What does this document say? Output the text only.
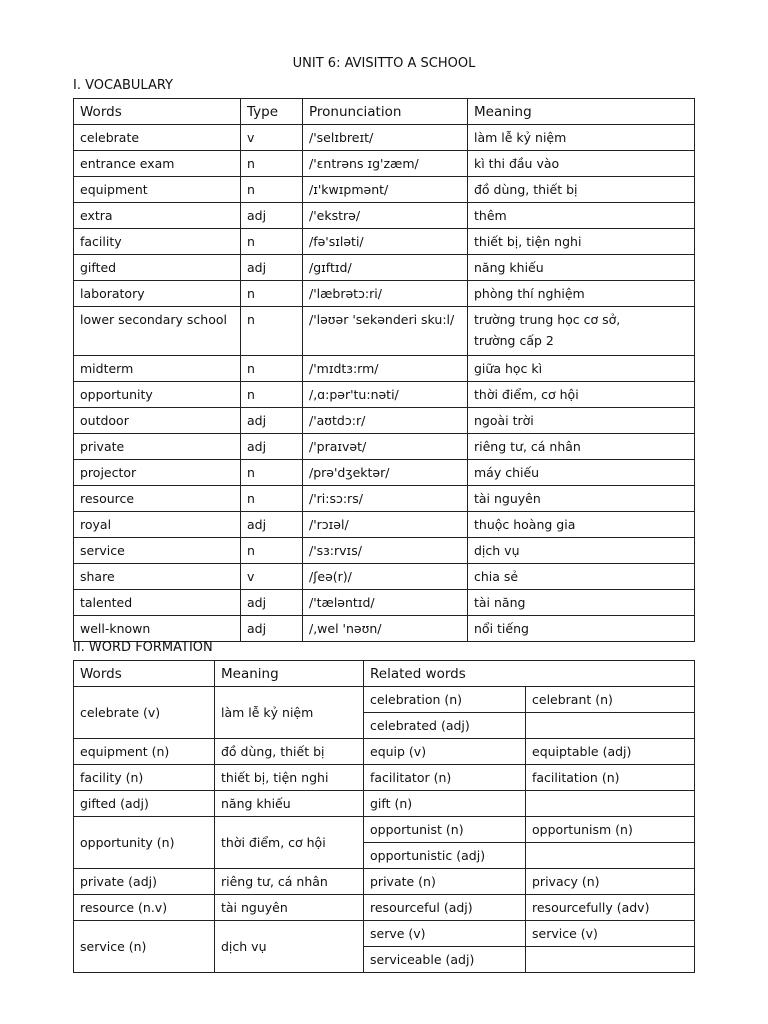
UNIT 6: AVISITTO A SCHOOL
I. VOCABULARY
Words	Type	Pronunciation	Meaning
celebrate	v	/'selɪbreɪt/	làm lễ kỷ niệm
entrance exam	n	/'ɛntrəns ɪg'zæm/	kì thi đầu vào
equipment	n	/ɪ'kwɪpmənt/	đồ dùng, thiết bị
extra	adj	/'ekstrə/	thêm
facility	n	/fə'sɪləti/	thiết bị, tiện nghi
gifted	adj	/gɪftɪd/	năng khiếu
laboratory	n	/'læbrətɔ:ri/	phòng thí nghiệm
lower secondary school	n	/'ləʊər 'sekənderi sku:l/	trường trung học cơ sở,
trường cấp 2

midterm	n	/'mɪdtɜ:rm/	giữa học kì
opportunity	n	/,ɑ:pər'tu:nəti/	thời điểm, cơ hội
outdoor	adj	/'aʊtdɔ:r/	ngoài trời
private	adj	/'praɪvət/	riêng tư, cá nhân
projector	n	/prə'dʒektər/	máy chiếu
resource	n	/'ri:sɔ:rs/	tài nguyên
royal	adj	/'rɔɪəl/	thuộc hoàng gia
service	n	/'sɜ:rvɪs/	dịch vụ
share	v	/ʃeə(r)/	chia sẻ
talented	adj	/'tæləntɪd/	tài năng
well-known	adj	/,wel 'nəʊn/	nổi tiếng
II. WORD FORMATION
Words	Meaning	Related words	
celebrate (v)	làm lễ kỷ niệm	celebration (n)	celebrant (n)
		celebrated (adj)	
equipment (n)	đồ dùng, thiết bị	equip (v)	equiptable (adj)
facility (n)	thiết bị, tiện nghi	facilitator (n)	facilitation (n)
gifted (adj)	năng khiếu	gift (n)	
opportunity (n)	thời điểm, cơ hội	opportunist (n)	opportunism (n)
		opportunistic (adj)	
private (adj)	riêng tư, cá nhân	private (n)	privacy (n)
resource (n.v)	tài nguyên	resourceful (adj)	resourcefully (adv)
service (n)	dịch vụ	serve (v)	service (v)
		serviceable (adj)	
